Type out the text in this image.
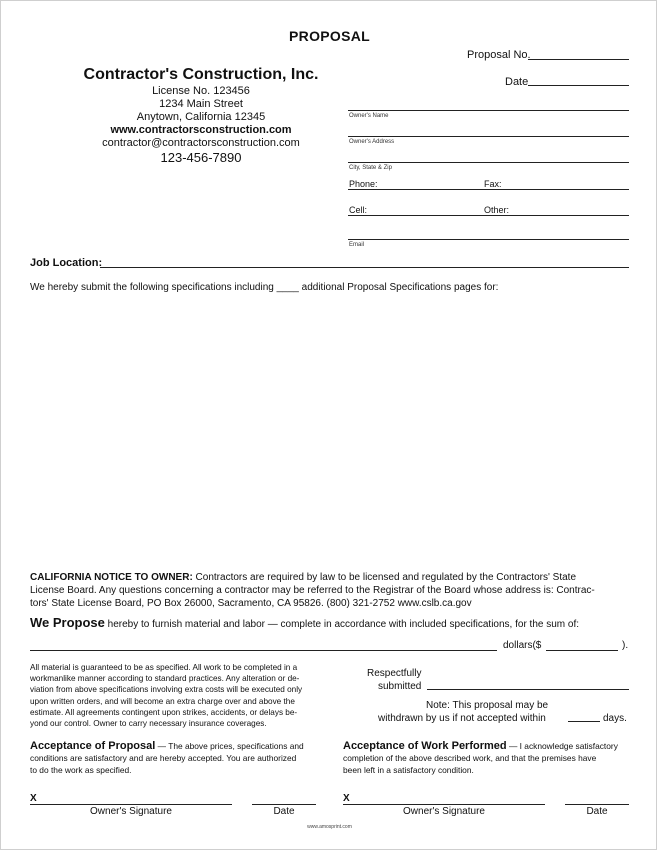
PROPOSAL
Proposal No.
Date
Contractor's Construction, Inc.
License No. 123456
1234 Main Street
Anytown, California 12345
www.contractorsconstruction.com
contractor@contractorsconstruction.com
123-456-7890
Owner's Name
Owner's Address
City, State & Zip
Phone:	Fax:
Cell:	Other:
Email
Job Location:
We hereby submit the following specifications including ____ additional Proposal Specifications pages for:
CALIFORNIA NOTICE TO OWNER: Contractors are required by law to be licensed and regulated by the Contractors' State
License Board. Any questions concerning a contractor may be referred to the Registrar of the Board whose address is: Contrac-
tors' State License Board, PO Box 26000, Sacramento, CA 95826. (800) 321-2752 www.cslb.ca.gov
We Propose hereby to furnish material and labor — complete in accordance with included specifications, for the sum of:
dollars($	).
All material is guaranteed to be as specified. All work to be completed in a
workmanlike manner according to standard practices. Any alteration or de-
viation from above specifications involving extra costs will be executed only
upon written orders, and will become an extra charge over and above the
estimate. All agreements contingent upon strikes, accidents, or delays be-
yond our control. Owner to carry necessary insurance coverages.
Respectfully
submitted
Note: This proposal may be
withdrawn by us if not accepted within	days.
Acceptance of Proposal — The above prices, specifications and
conditions are satisfactory and are hereby accepted. You are authorized
to do the work as specified.
Acceptance of Work Performed — I acknowledge satisfactory
completion of the above described work, and that the premises have
been left in a satisfactory condition.
X
Owner's Signature	Date
X
Owner's Signature	Date
www.amosprint.com
